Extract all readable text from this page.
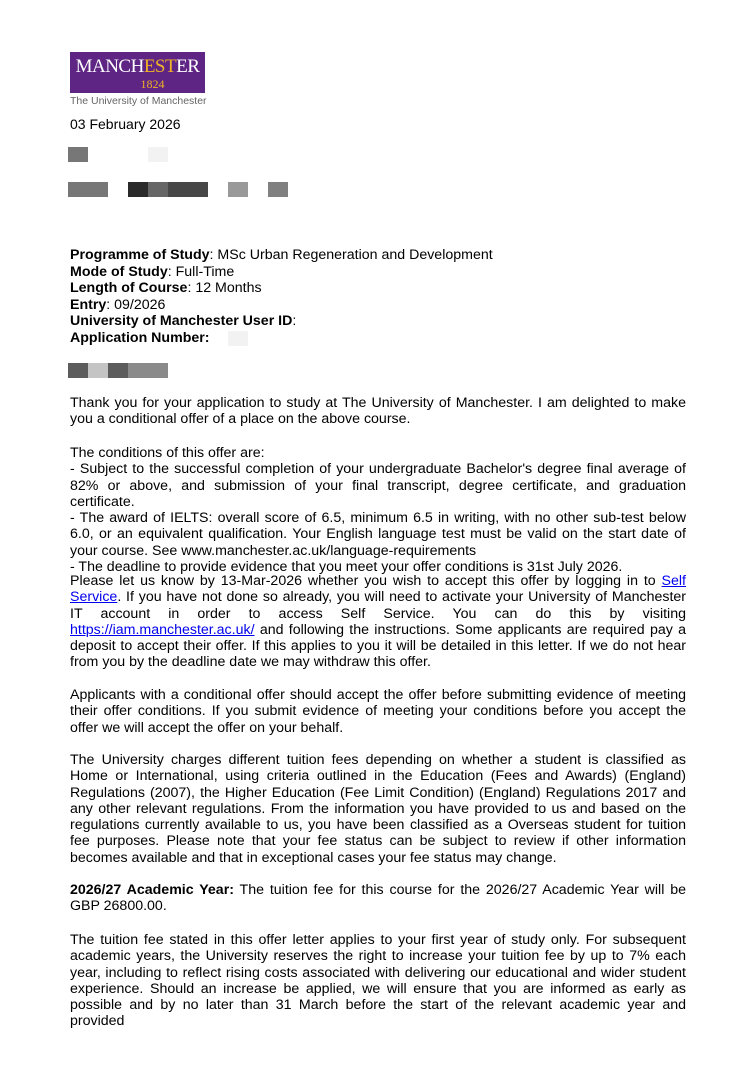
MANCHESTER
1824
The University of Manchester
03 February 2026
Programme of Study: MSc Urban Regeneration and Development
Mode of Study: Full-Time
Length of Course: 12 Months
Entry: 09/2026
University of Manchester User ID:
Application Number:
Thank you for your application to study at The University of Manchester. I am delighted to make you a conditional offer of a place on the above course.
The conditions of this offer are:
- Subject to the successful completion of your undergraduate Bachelor's degree final average of 82% or above, and submission of your final transcript, degree certificate, and graduation certificate.
- The award of IELTS: overall score of 6.5, minimum 6.5 in writing, with no other sub-test below 6.0, or an equivalent qualification. Your English language test must be valid on the start date of your course. See www.manchester.ac.uk/language-requirements
- The deadline to provide evidence that you meet your offer conditions is 31st July 2026.
Please let us know by 13-Mar-2026 whether you wish to accept this offer by logging in to Self Service. If you have not done so already, you will need to activate your University of Manchester IT account in order to access Self Service. You can do this by visiting https://iam.manchester.ac.uk/ and following the instructions. Some applicants are required pay a deposit to accept their offer. If this applies to you it will be detailed in this letter. If we do not hear from you by the deadline date we may withdraw this offer.
Applicants with a conditional offer should accept the offer before submitting evidence of meeting their offer conditions. If you submit evidence of meeting your conditions before you accept the offer we will accept the offer on your behalf.
The University charges different tuition fees depending on whether a student is classified as Home or International, using criteria outlined in the Education (Fees and Awards) (England) Regulations (2007), the Higher Education (Fee Limit Condition) (England) Regulations 2017 and any other relevant regulations. From the information you have provided to us and based on the regulations currently available to us, you have been classified as a Overseas student for tuition fee purposes. Please note that your fee status can be subject to review if other information becomes available and that in exceptional cases your fee status may change.
2026/27 Academic Year: The tuition fee for this course for the 2026/27 Academic Year will be GBP 26800.00.
The tuition fee stated in this offer letter applies to your first year of study only. For subsequent academic years, the University reserves the right to increase your tuition fee by up to 7% each year, including to reflect rising costs associated with delivering our educational and wider student experience. Should an increase be applied, we will ensure that you are informed as early as possible and by no later than 31 March before the start of the relevant academic year and provided
